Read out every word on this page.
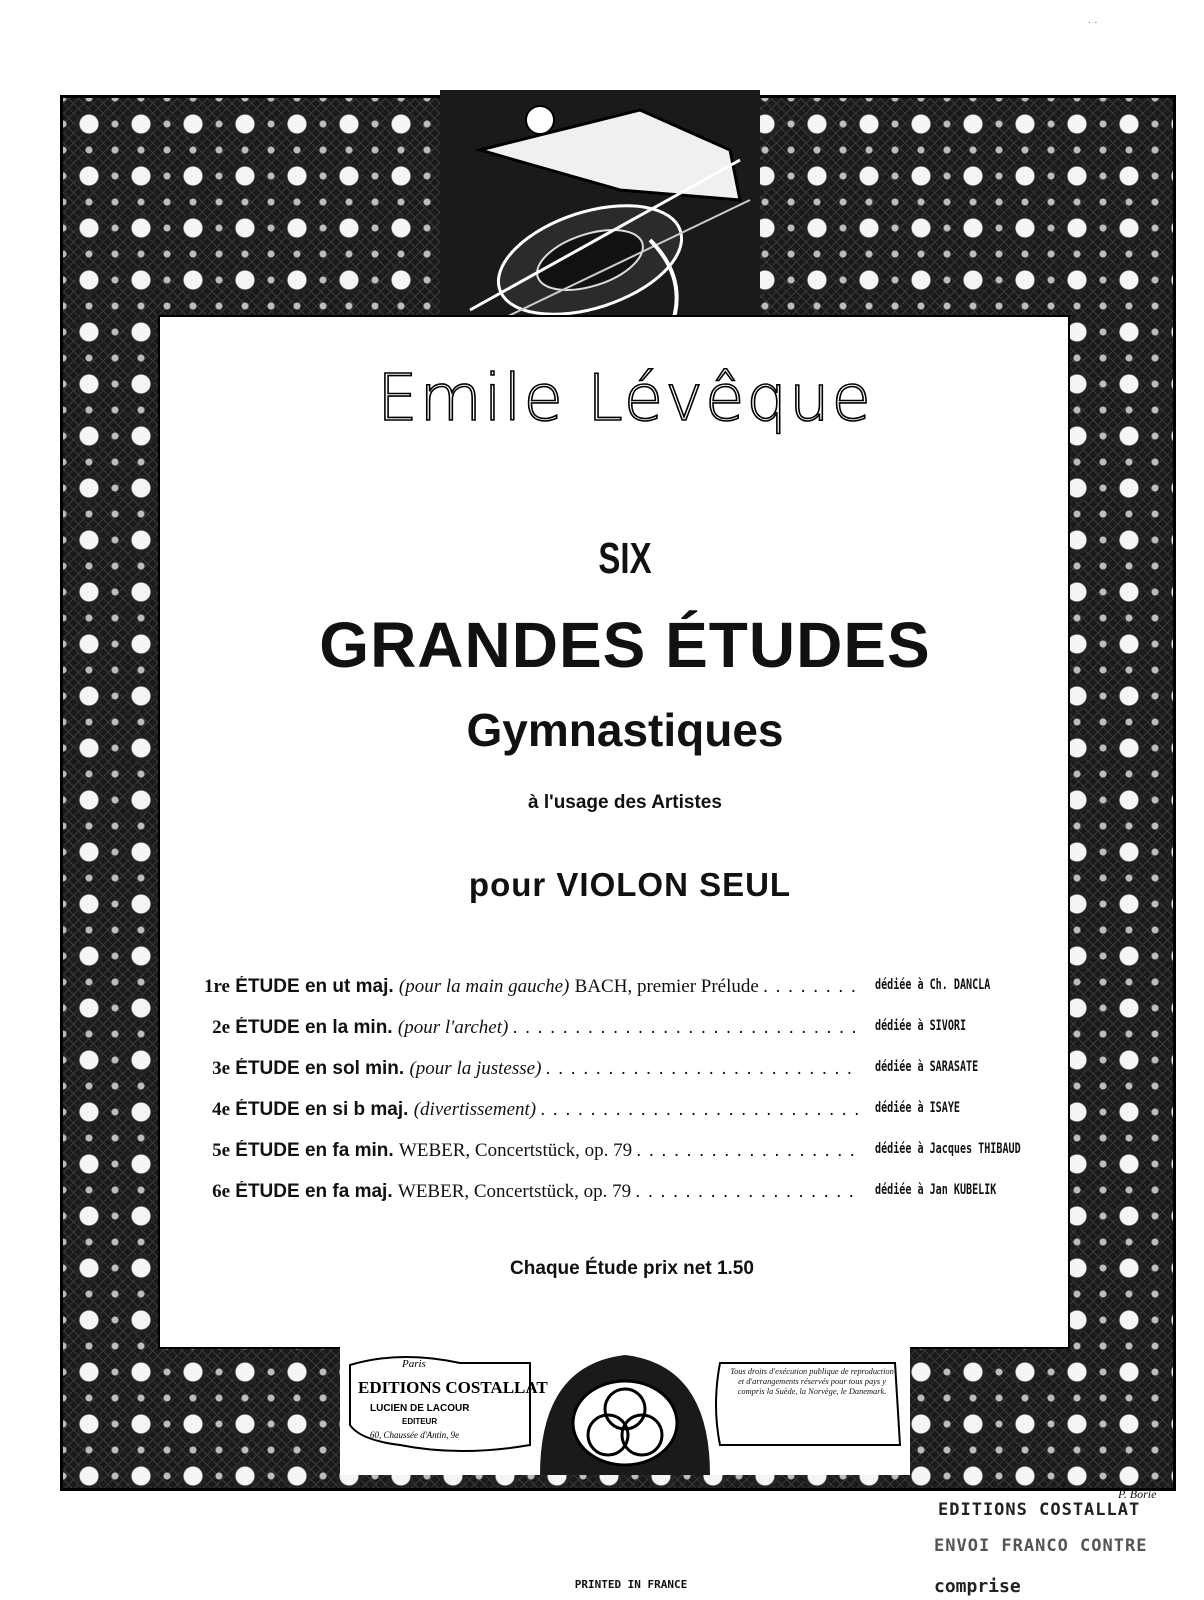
· ·
Emile Lévêque
SIX
GRANDES ÉTUDES
Gymnastiques
à l'usage des Artistes
pour VIOLON SEUL
1re ÉTUDE en ut maj. (pour la main gauche) BACH, premier Prélude . . .	dédiée à Ch. DANCLA
2e ÉTUDE en la min. (pour l'archet) . . .	dédiée à SIVORI
3e ÉTUDE en sol min. (pour la justesse) . . .	dédiée à SARASATE
4e ÉTUDE en si b maj. (divertissement) . . .	dédiée à ISAYE
5e ÉTUDE en fa min. WEBER, Concertstück, op. 79 . . .	dédiée à Jacques THIBAUD
6e ÉTUDE en fa maj. WEBER, Concertstück, op. 79 . . .	dédiée à Jan KUBELIK
Chaque Étude prix net 1.50
Paris
EDITIONS COSTALLAT
LUCIEN DE LACOUR
EDITEUR
60, Chaussée d'Antin, 9e
Tous droits d'exécution publique de reproduction et d'arrangements réservés pour tous pays y compris la Suède, la Norvège, le Danemark.
P. Borie
EDITIONS COSTALLAT
ENVOI FRANCO CONTRE
comprise
PRINTED IN FRANCE
